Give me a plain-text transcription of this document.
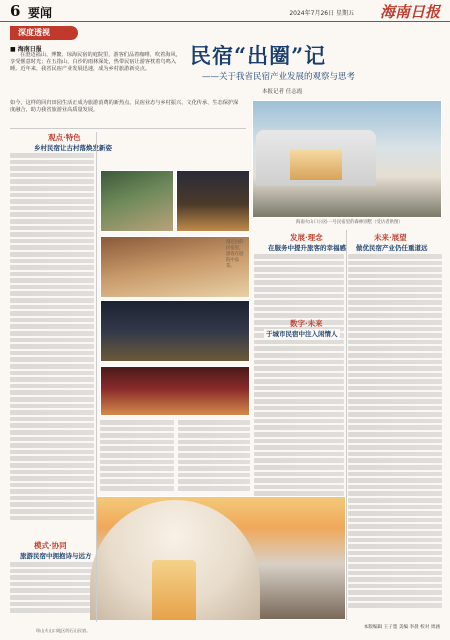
6 要闻	2024年7月26日 星期五 海南日报
深度透视
民宿“出圈”记
——关于我省民宿产业发展的观察与思考
本报记者 任志霞
■ 海南日报

在澄迈福山、博鳌、琼海民宿的庭院里，游客们品着咖啡，吹着海风，享受惬意时光；在五指山、白沙的雨林深处，热带民宿让游客枕着鸟鸣入睡。近年来，我省民宿产业发展迅速，成为乡村旅游新亮点。

如今，这样的回归田园生活正成为旅游消费的新热点。民宿业态与乡村振兴、文化传承、生态保护深度融合，助力我省旅游业高质量发展。
海南火山口公园·一号民宿里的森林别墅（受访者供图）
观点·特色
乡村民宿让古村落焕发新姿
模式·协同
旅游民宿中拥抱诗与远方
澄迈县的民宿里，游客在庭院中品茶。
发展·理念
在服务中提升旅客的幸福感
未来·展望
做优民宿产业仍任重道远
琼山火山口地区的石山民宿。
本版编辑 王子墨 美编 李晨 校对 周涵
数字·未来
于城市民宿中注入闲情人
